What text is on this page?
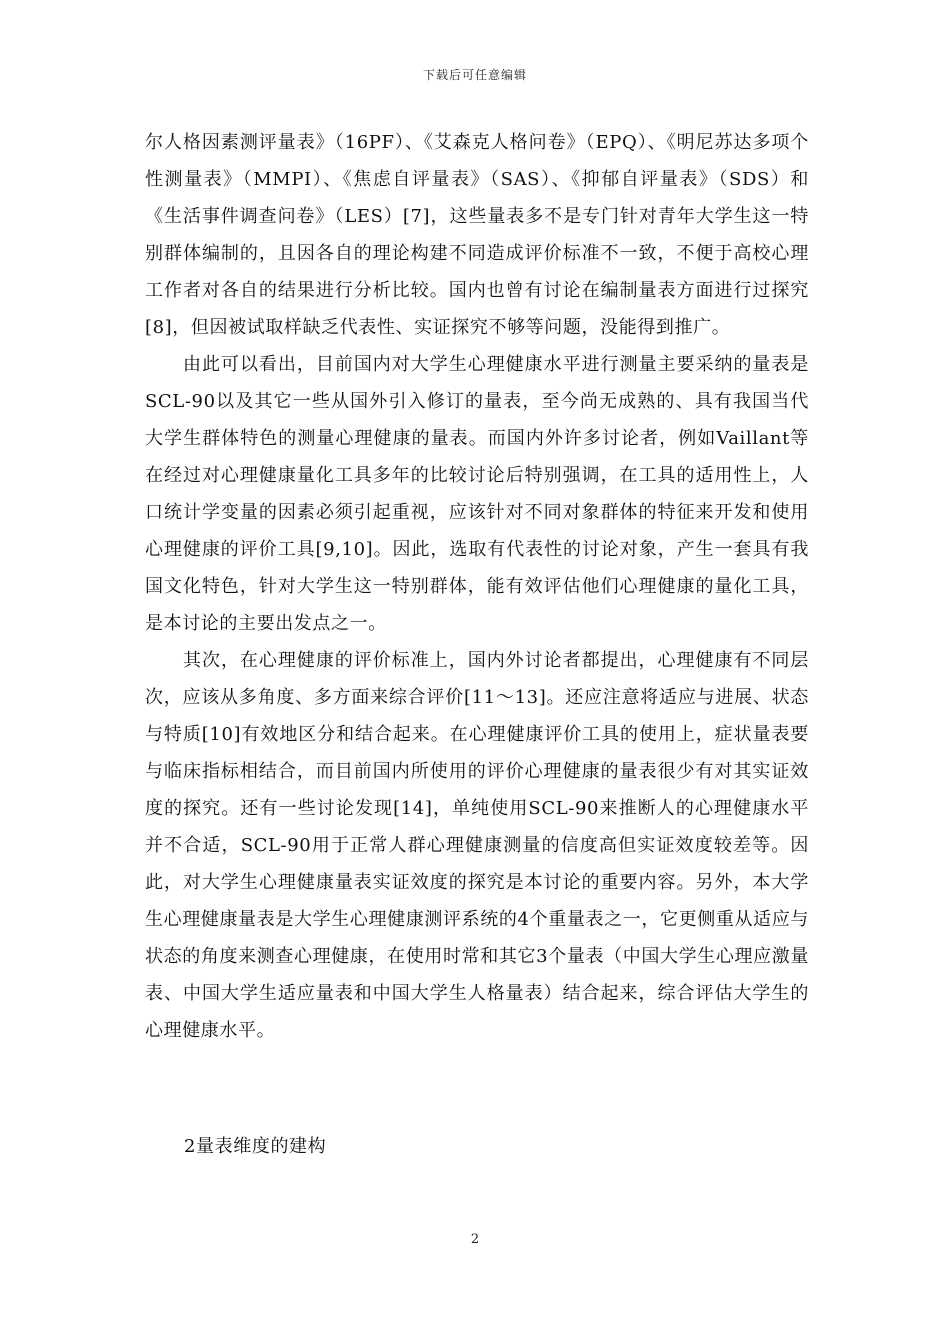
下载后可任意编辑

尔人格因素测评量表》（16PF）、《艾森克人格问卷》（EPQ）、《明尼苏达多项个性测量表》（MMPI）、《焦虑自评量表》（SAS）、《抑郁自评量表》（SDS）和《生活事件调查问卷》（LES）[7]，这些量表多不是专门针对青年大学生这一特别群体编制的，且因各自的理论构建不同造成评价标准不一致，不便于高校心理工作者对各自的结果进行分析比较。国内也曾有讨论在编制量表方面进行过探究[8]，但因被试取样缺乏代表性、实证探究不够等问题，没能得到推广。

由此可以看出，目前国内对大学生心理健康水平进行测量主要采纳的量表是SCL-90以及其它一些从国外引入修订的量表，至今尚无成熟的、具有我国当代大学生群体特色的测量心理健康的量表。而国内外许多讨论者，例如Vaillant等在经过对心理健康量化工具多年的比较讨论后特别强调，在工具的适用性上，人口统计学变量的因素必须引起重视，应该针对不同对象群体的特征来开发和使用心理健康的评价工具[9,10]。因此，选取有代表性的讨论对象，产生一套具有我国文化特色，针对大学生这一特别群体，能有效评估他们心理健康的量化工具，是本讨论的主要出发点之一。

其次，在心理健康的评价标准上，国内外讨论者都提出，心理健康有不同层次，应该从多角度、多方面来综合评价[11～13]。还应注意将适应与进展、状态与特质[10]有效地区分和结合起来。在心理健康评价工具的使用上，症状量表要与临床指标相结合，而目前国内所使用的评价心理健康的量表很少有对其实证效度的探究。还有一些讨论发现[14]，单纯使用SCL-90来推断人的心理健康水平并不合适，SCL-90用于正常人群心理健康测量的信度高但实证效度较差等。因此，对大学生心理健康量表实证效度的探究是本讨论的重要内容。另外，本大学生心理健康量表是大学生心理健康测评系统的4个重量表之一，它更侧重从适应与状态的角度来测查心理健康，在使用时常和其它3个量表（中国大学生心理应激量表、中国大学生适应量表和中国大学生人格量表）结合起来，综合评估大学生的心理健康水平。

2量表维度的建构
2
